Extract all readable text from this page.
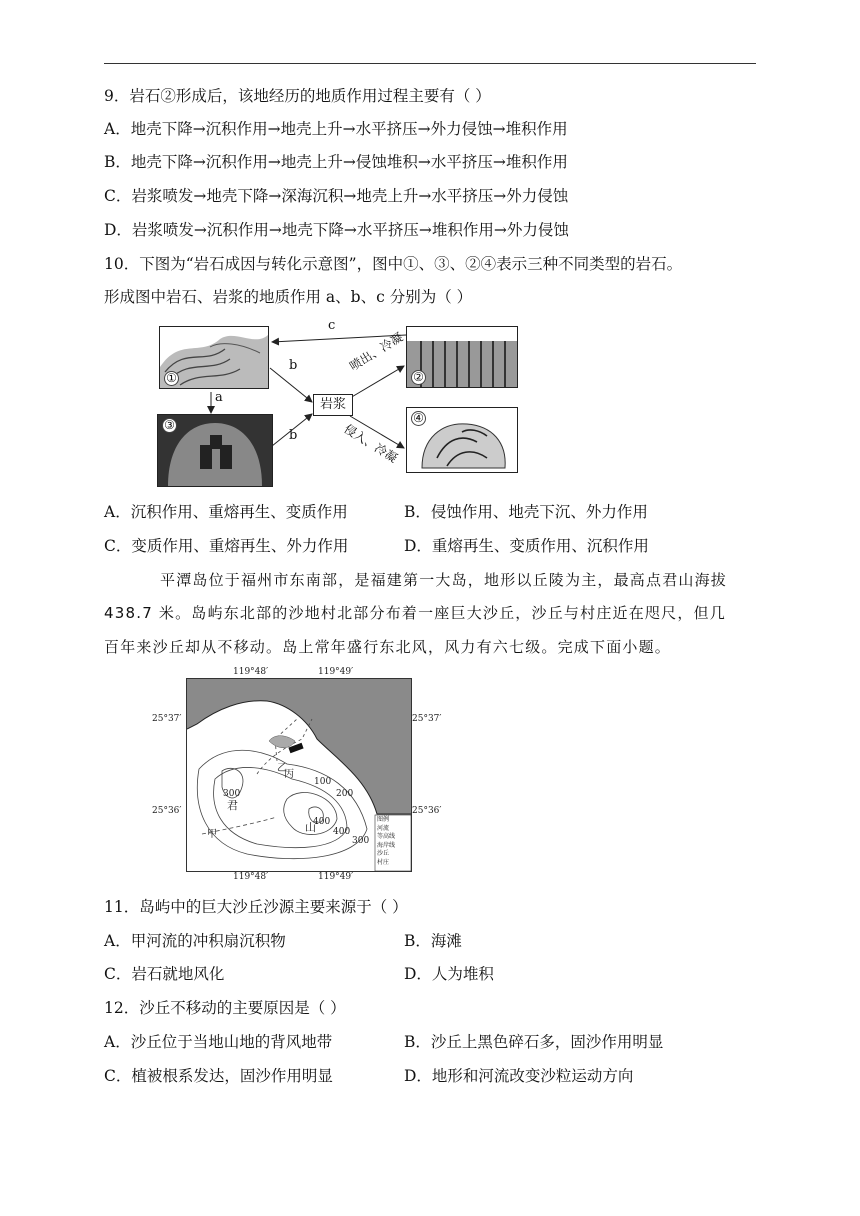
9．岩石②形成后，该地经历的地质作用过程主要有（ ）
A．地壳下降→沉积作用→地壳上升→水平挤压→外力侵蚀→堆积作用
B．地壳下降→沉积作用→地壳上升→侵蚀堆积→水平挤压→堆积作用
C．岩浆喷发→地壳下降→深海沉积→地壳上升→水平挤压→外力侵蚀
D．岩浆喷发→沉积作用→地壳下降→水平挤压→堆积作用→外力侵蚀
10．下图为“岩石成因与转化示意图”，图中①、③、②④表示三种不同类型的岩石。
形成图中岩石、岩浆的地质作用 a、b、c 分别为（ ）
①
③
②
④
岩浆
c
a
b
b
喷出、冷凝
侵入、冷凝
A．沉积作用、重熔再生、变质作用	B．侵蚀作用、地壳下沉、外力作用
C．变质作用、重熔再生、外力作用	D．重熔再生、变质作用、沉积作用
平潭岛位于福州市东南部，是福建第一大岛，地形以丘陵为主，最高点君山海拔
438.7 米。岛屿东北部的沙地村北部分布着一座巨大沙丘，沙丘与村庄近在咫尺，但几
百年来沙丘却从不移动。岛上常年盛行东北风，风力有六七级。完成下面小题。
119°48′	119°49′
25°37′	25°37′
25°36′	25°36′
119°48′	119°49′
100
200
300
300
400
400
君
山
甲
乙
丙
图例
河流
等高线
海岸线
沙丘
村庄
11．岛屿中的巨大沙丘沙源主要来源于（ ）
A．甲河流的冲积扇沉积物	B．海滩
C．岩石就地风化	D．人为堆积
12．沙丘不移动的主要原因是（ ）
A．沙丘位于当地山地的背风地带	B．沙丘上黑色碎石多，固沙作用明显
C．植被根系发达，固沙作用明显	D．地形和河流改变沙粒运动方向
